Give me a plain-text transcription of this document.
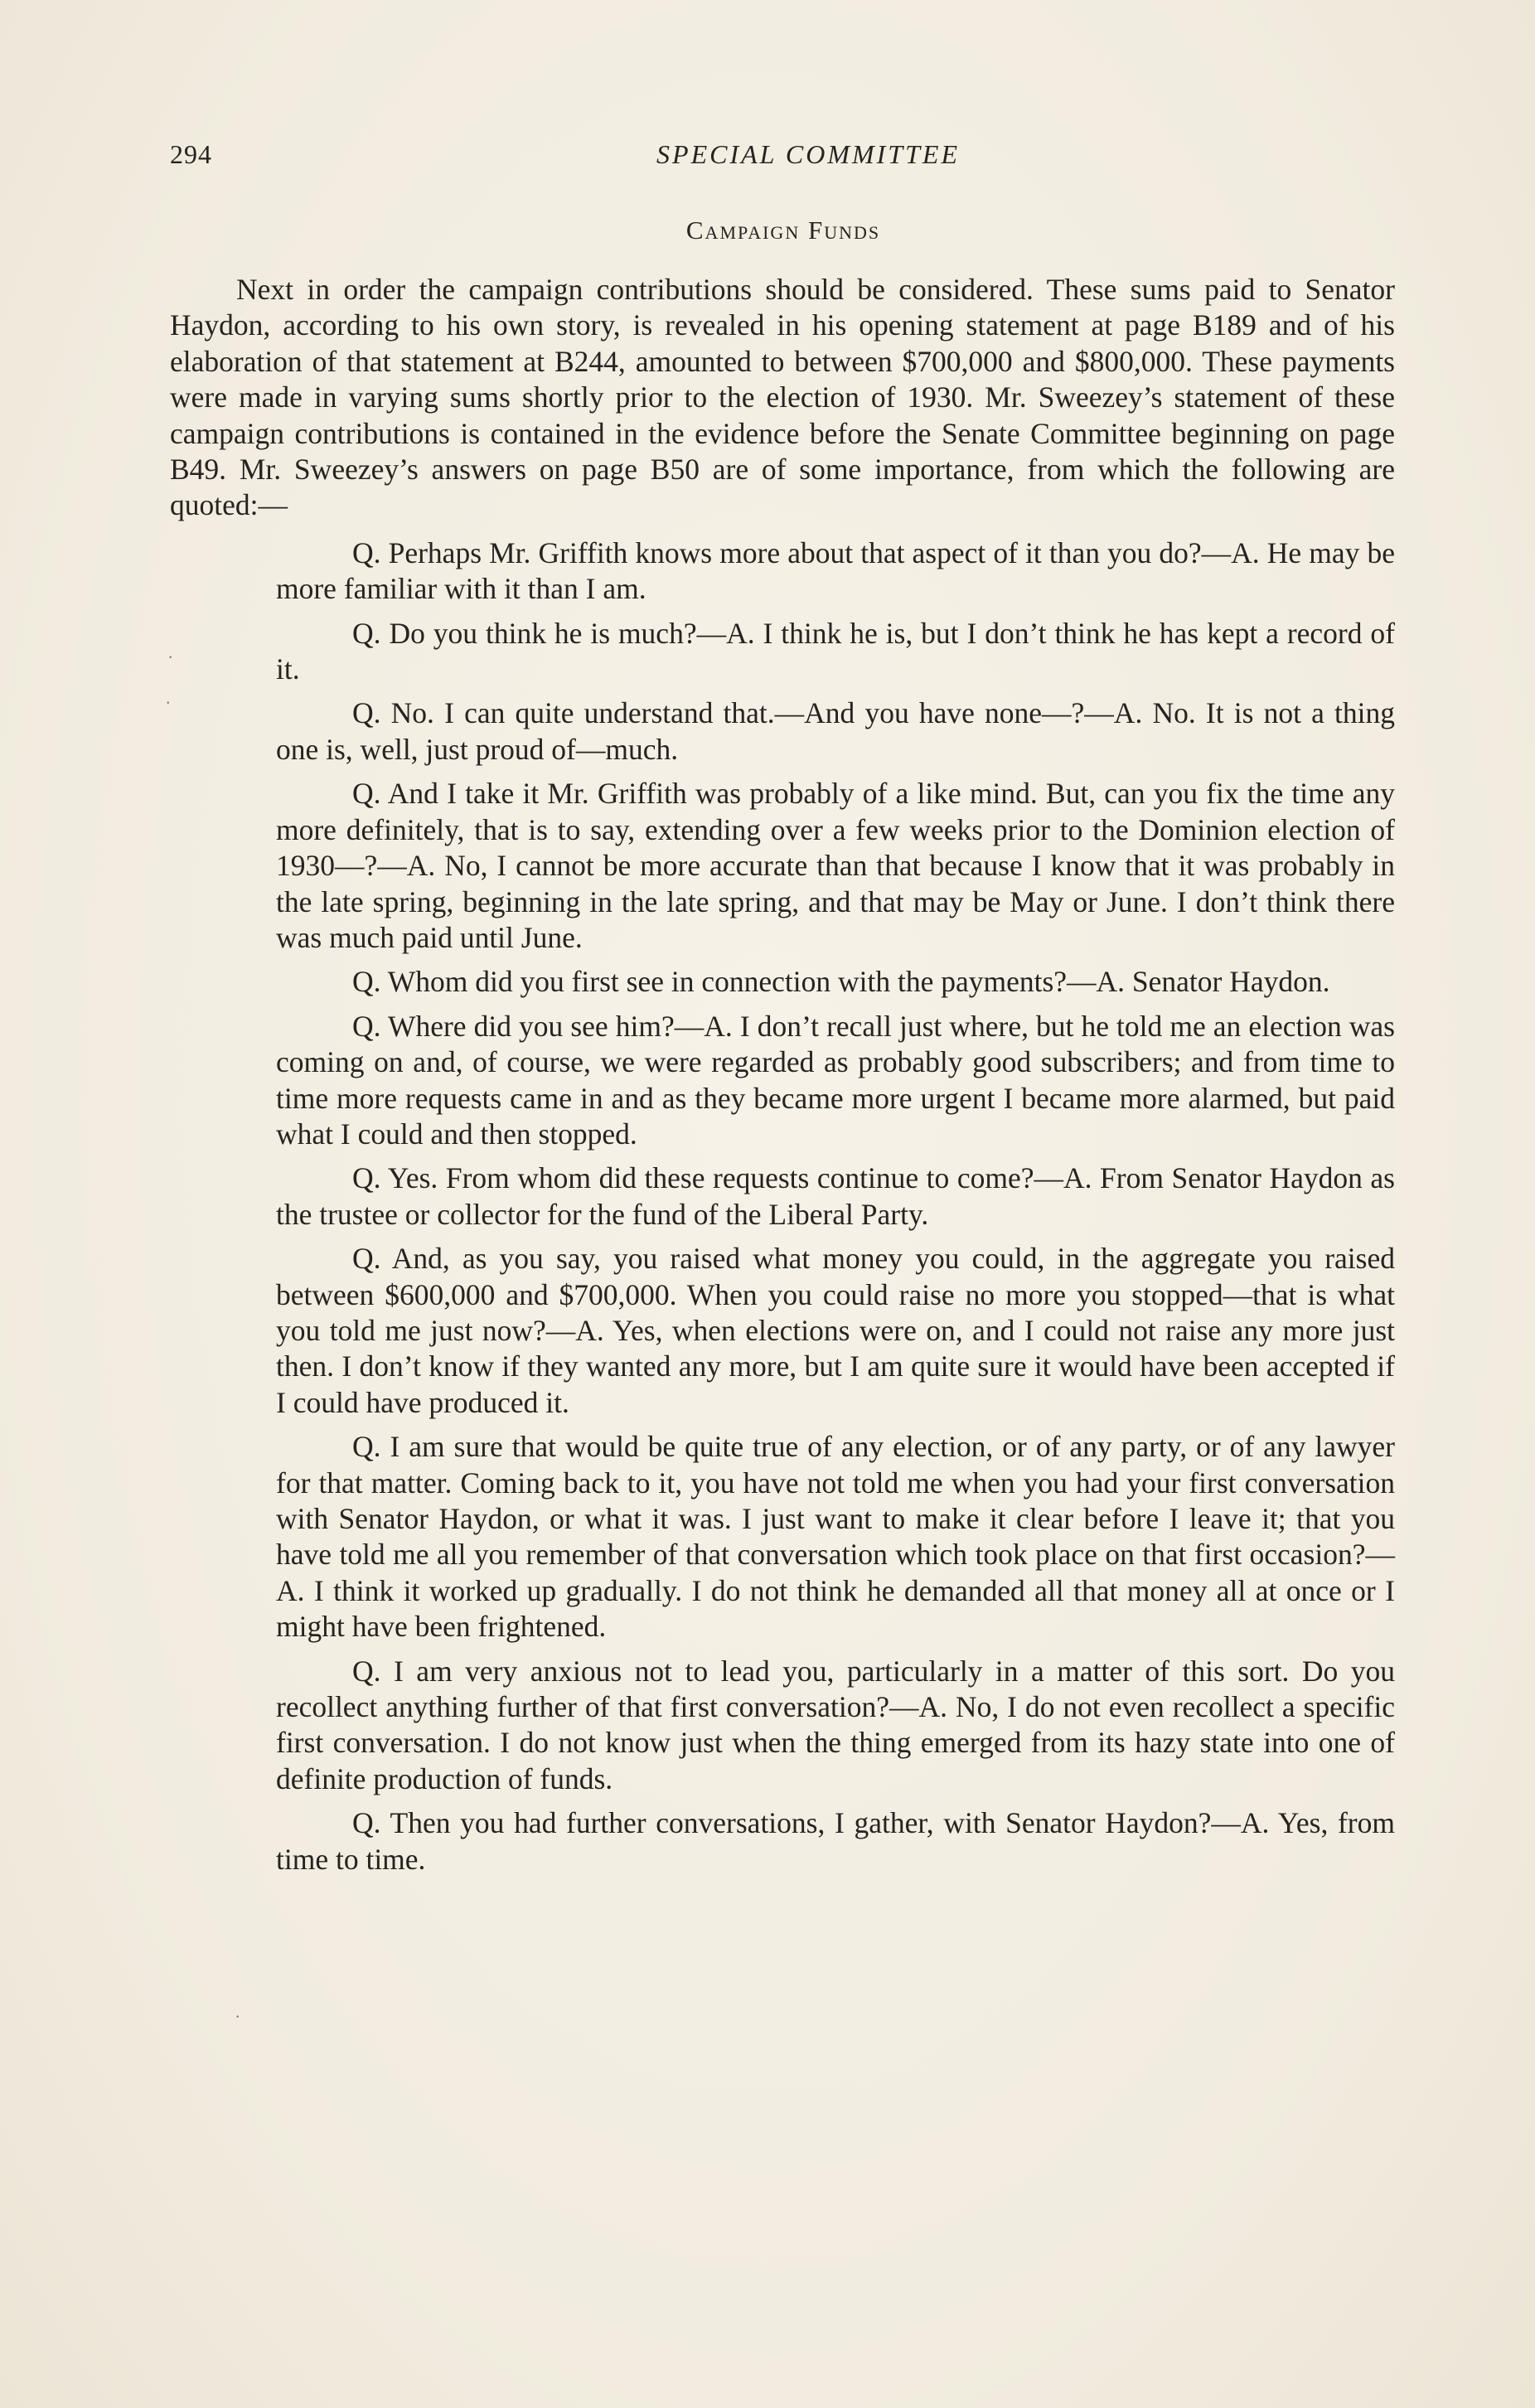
294	SPECIAL COMMITTEE
Campaign Funds

Next in order the campaign contributions should be considered. These sums paid to Senator Haydon, according to his own story, is revealed in his opening statement at page B189 and of his elaboration of that statement at B244, amounted to between $700,000 and $800,000. These payments were made in varying sums shortly prior to the election of 1930. Mr. Sweezey’s statement of these campaign contributions is contained in the evidence before the Senate Committee beginning on page B49. Mr. Sweezey’s answers on page B50 are of some importance, from which the following are quoted:—

Q. Perhaps Mr. Griffith knows more about that aspect of it than you do?—A. He may be more familiar with it than I am.

Q. Do you think he is much?—A. I think he is, but I don’t think he has kept a record of it.

Q. No. I can quite understand that.—And you have none—?—A. No. It is not a thing one is, well, just proud of—much.

Q. And I take it Mr. Griffith was probably of a like mind. But, can you fix the time any more definitely, that is to say, extending over a few weeks prior to the Dominion election of 1930—?—A. No, I cannot be more accurate than that because I know that it was probably in the late spring, beginning in the late spring, and that may be May or June. I don’t think there was much paid until June.

Q. Whom did you first see in connection with the payments?—A. Senator Haydon.

Q. Where did you see him?—A. I don’t recall just where, but he told me an election was coming on and, of course, we were regarded as probably good subscribers; and from time to time more requests came in and as they became more urgent I became more alarmed, but paid what I could and then stopped.

Q. Yes. From whom did these requests continue to come?—A. From Senator Haydon as the trustee or collector for the fund of the Liberal Party.

Q. And, as you say, you raised what money you could, in the aggregate you raised between $600,000 and $700,000. When you could raise no more you stopped—that is what you told me just now?—A. Yes, when elections were on, and I could not raise any more just then. I don’t know if they wanted any more, but I am quite sure it would have been accepted if I could have produced it.

Q. I am sure that would be quite true of any election, or of any party, or of any lawyer for that matter. Coming back to it, you have not told me when you had your first conversation with Senator Haydon, or what it was. I just want to make it clear before I leave it; that you have told me all you remember of that conversation which took place on that first occasion?—A. I think it worked up gradually. I do not think he demanded all that money all at once or I might have been frightened.

Q. I am very anxious not to lead you, particularly in a matter of this sort. Do you recollect anything further of that first conversation?—A. No, I do not even recollect a specific first conversation. I do not know just when the thing emerged from its hazy state into one of definite production of funds.

Q. Then you had further conversations, I gather, with Senator Haydon?—A. Yes, from time to time.

·
·
·
